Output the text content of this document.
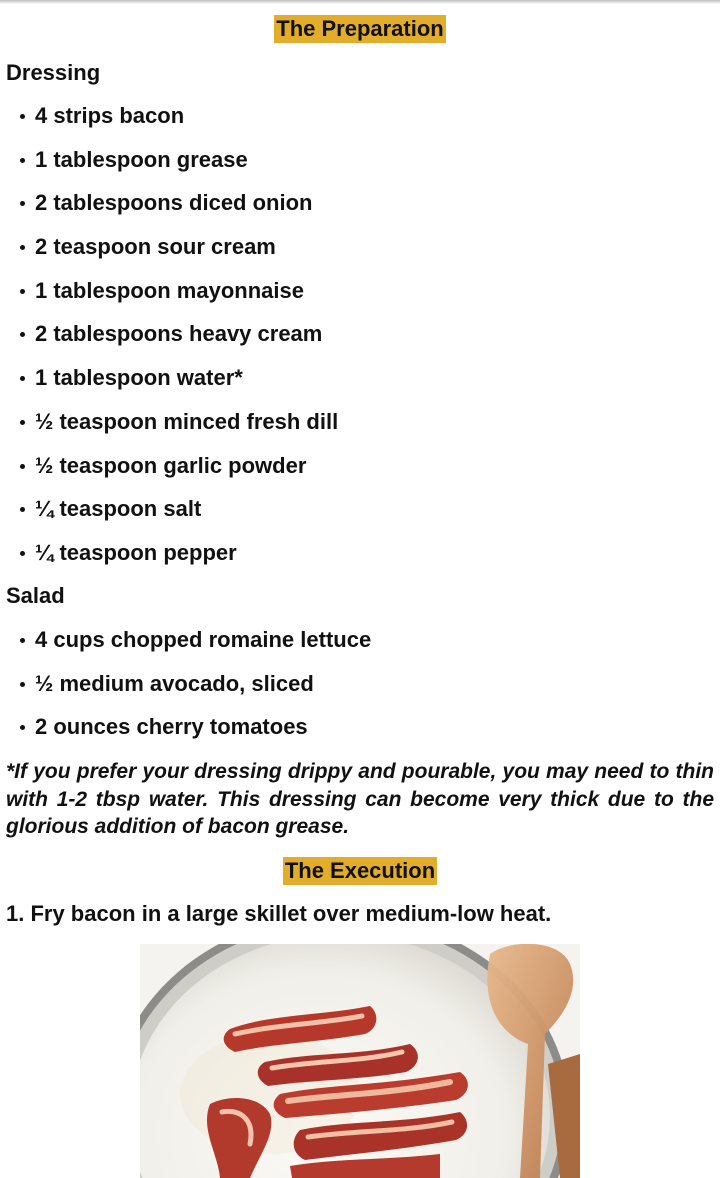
The Preparation
Dressing
4 strips bacon
1 tablespoon grease
2 tablespoons diced onion
2 teaspoon sour cream
1 tablespoon mayonnaise
2 tablespoons heavy cream
1 tablespoon water*
½ teaspoon minced fresh dill
½ teaspoon garlic powder
¼ teaspoon salt
¼ teaspoon pepper
Salad
4 cups chopped romaine lettuce
½ medium avocado, sliced
2 ounces cherry tomatoes

*If you prefer your dressing drippy and pourable, you may need to thin with 1-2 tbsp water. This dressing can become very thick due to the glorious addition of bacon grease.

The Execution
1. Fry bacon in a large skillet over medium-low heat.
